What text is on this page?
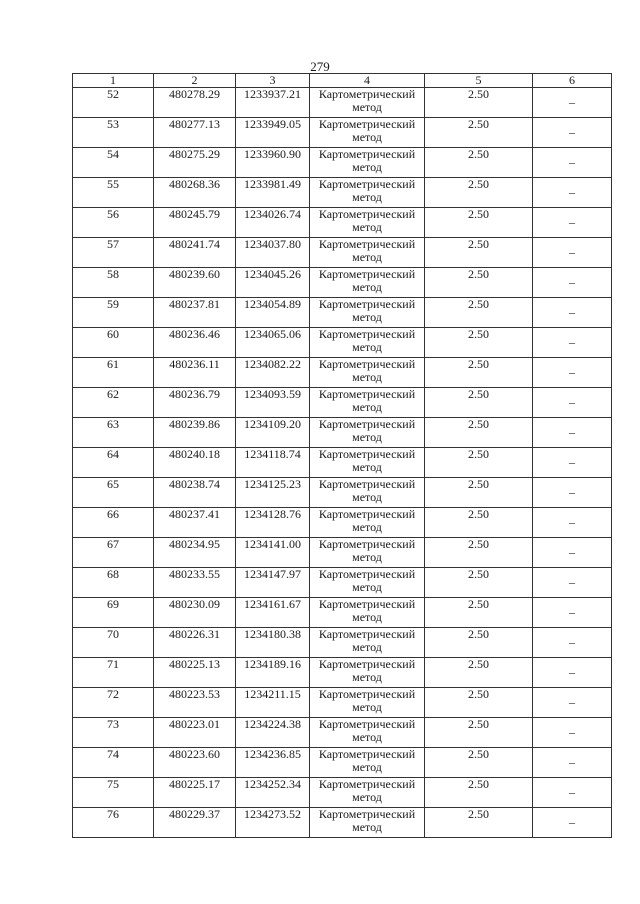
279
1	2	3	4	5	6
52	480278.29	1233937.21	Картометрический метод	2.50	–
53	480277.13	1233949.05	Картометрический метод	2.50	–
54	480275.29	1233960.90	Картометрический метод	2.50	–
55	480268.36	1233981.49	Картометрический метод	2.50	–
56	480245.79	1234026.74	Картометрический метод	2.50	–
57	480241.74	1234037.80	Картометрический метод	2.50	–
58	480239.60	1234045.26	Картометрический метод	2.50	–
59	480237.81	1234054.89	Картометрический метод	2.50	–
60	480236.46	1234065.06	Картометрический метод	2.50	–
61	480236.11	1234082.22	Картометрический метод	2.50	–
62	480236.79	1234093.59	Картометрический метод	2.50	–
63	480239.86	1234109.20	Картометрический метод	2.50	–
64	480240.18	1234118.74	Картометрический метод	2.50	–
65	480238.74	1234125.23	Картометрический метод	2.50	–
66	480237.41	1234128.76	Картометрический метод	2.50	–
67	480234.95	1234141.00	Картометрический метод	2.50	–
68	480233.55	1234147.97	Картометрический метод	2.50	–
69	480230.09	1234161.67	Картометрический метод	2.50	–
70	480226.31	1234180.38	Картометрический метод	2.50	–
71	480225.13	1234189.16	Картометрический метод	2.50	–
72	480223.53	1234211.15	Картометрический метод	2.50	–
73	480223.01	1234224.38	Картометрический метод	2.50	–
74	480223.60	1234236.85	Картометрический метод	2.50	–
75	480225.17	1234252.34	Картометрический метод	2.50	–
76	480229.37	1234273.52	Картометрический метод	2.50	–
